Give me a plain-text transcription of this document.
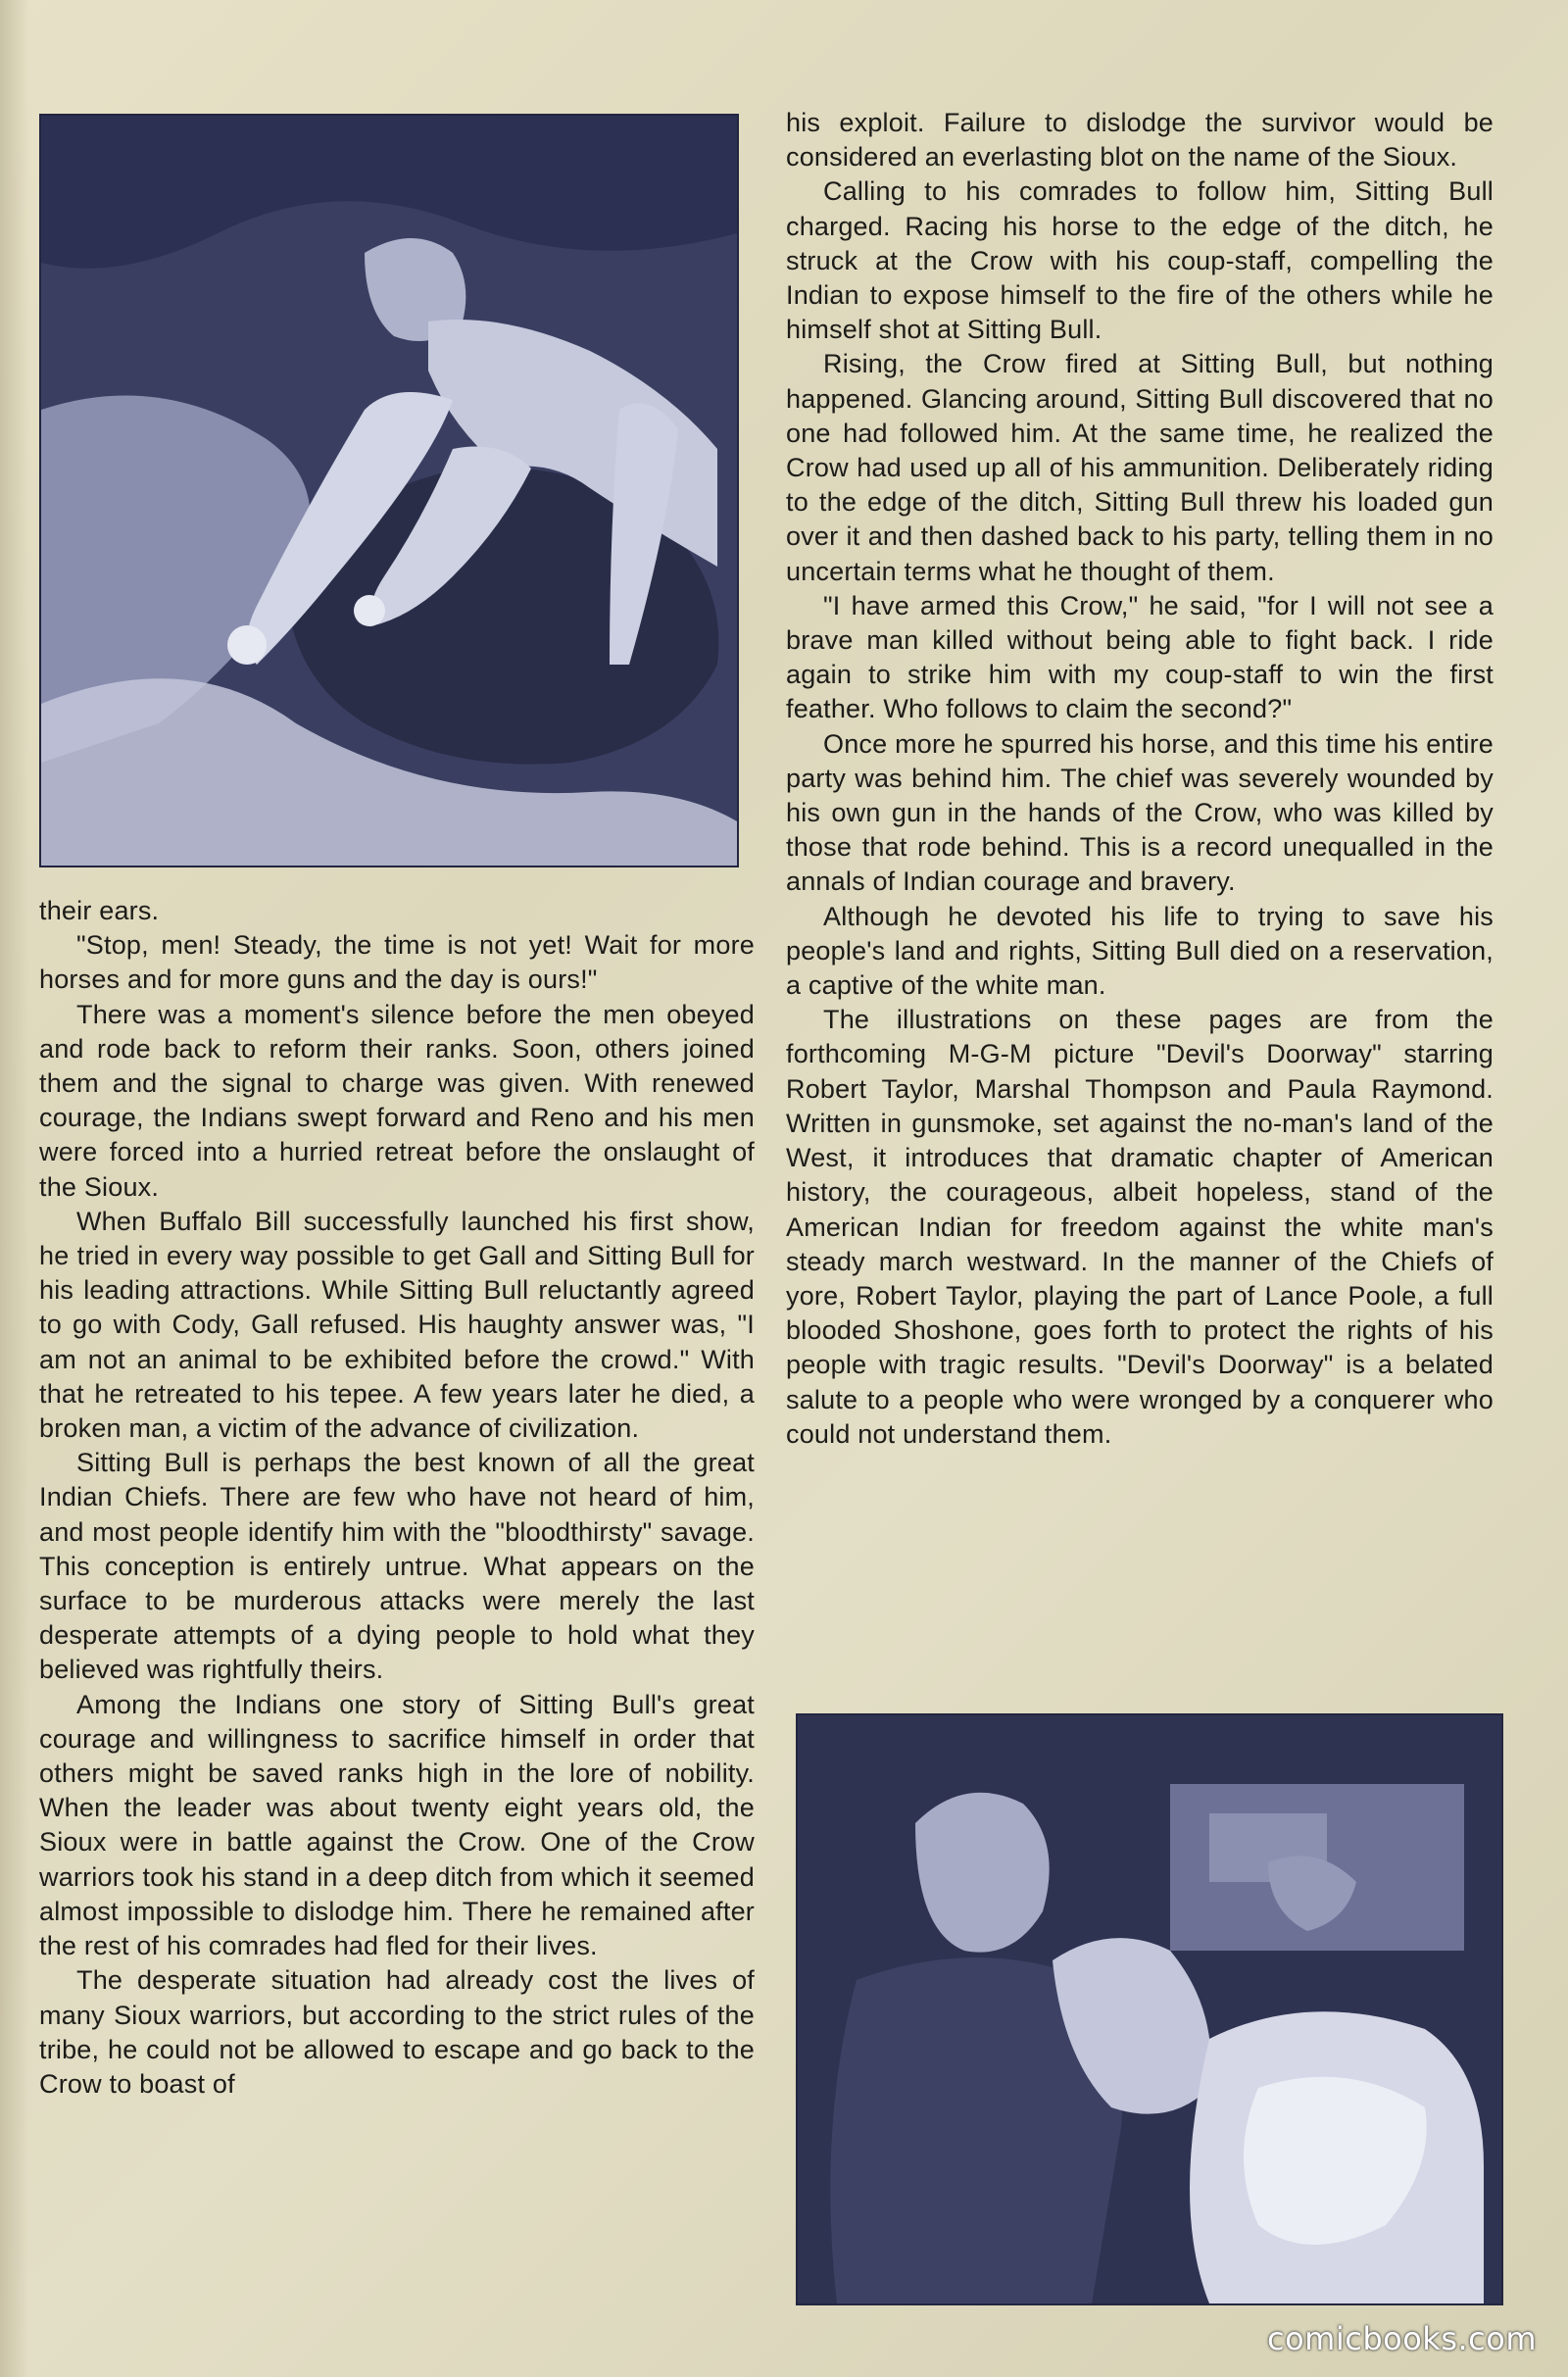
their ears.

"Stop, men! Steady, the time is not yet! Wait for more horses and for more guns and the day is ours!"

There was a moment's silence before the men obeyed and rode back to reform their ranks. Soon, others joined them and the signal to charge was given. With renewed courage, the Indians swept forward and Reno and his men were forced into a hurried retreat before the onslaught of the Sioux.

When Buffalo Bill successfully launched his first show, he tried in every way possible to get Gall and Sitting Bull for his leading attractions. While Sitting Bull reluctantly agreed to go with Cody, Gall refused. His haughty answer was, "I am not an animal to be exhibited before the crowd." With that he retreated to his tepee. A few years later he died, a broken man, a victim of the advance of civilization.

Sitting Bull is perhaps the best known of all the great Indian Chiefs. There are few who have not heard of him, and most people identify him with the "bloodthirsty" savage. This conception is entirely untrue. What appears on the surface to be murderous attacks were merely the last desperate attempts of a dying people to hold what they believed was rightfully theirs.

Among the Indians one story of Sitting Bull's great courage and willingness to sacrifice himself in order that others might be saved ranks high in the lore of nobility. When the leader was about twenty eight years old, the Sioux were in battle against the Crow. One of the Crow warriors took his stand in a deep ditch from which it seemed almost impossible to dislodge him. There he remained after the rest of his comrades had fled for their lives.

The desperate situation had already cost the lives of many Sioux warriors, but according to the strict rules of the tribe, he could not be allowed to escape and go back to the Crow to boast of

his exploit. Failure to dislodge the survivor would be considered an everlasting blot on the name of the Sioux.

Calling to his comrades to follow him, Sitting Bull charged. Racing his horse to the edge of the ditch, he struck at the Crow with his coup-staff, compelling the Indian to expose himself to the fire of the others while he himself shot at Sitting Bull.

Rising, the Crow fired at Sitting Bull, but nothing happened. Glancing around, Sitting Bull discovered that no one had followed him. At the same time, he realized the Crow had used up all of his ammunition. Deliberately riding to the edge of the ditch, Sitting Bull threw his loaded gun over it and then dashed back to his party, telling them in no uncertain terms what he thought of them.

"I have armed this Crow," he said, "for I will not see a brave man killed without being able to fight back. I ride again to strike him with my coup-staff to win the first feather. Who follows to claim the second?"

Once more he spurred his horse, and this time his entire party was behind him. The chief was severely wounded by his own gun in the hands of the Crow, who was killed by those that rode behind. This is a record unequalled in the annals of Indian courage and bravery.

Although he devoted his life to trying to save his people's land and rights, Sitting Bull died on a reservation, a captive of the white man.

The illustrations on these pages are from the forthcoming M-G-M picture "Devil's Doorway" starring Robert Taylor, Marshal Thompson and Paula Raymond. Written in gunsmoke, set against the no-man's land of the West, it introduces that dramatic chapter of American history, the courageous, albeit hopeless, stand of the American Indian for freedom against the white man's steady march westward. In the manner of the Chiefs of yore, Robert Taylor, playing the part of Lance Poole, a full blooded Shoshone, goes forth to protect the rights of his people with tragic results. "Devil's Doorway" is a belated salute to a people who were wronged by a conquerer who could not understand them.

comicbooks.com
